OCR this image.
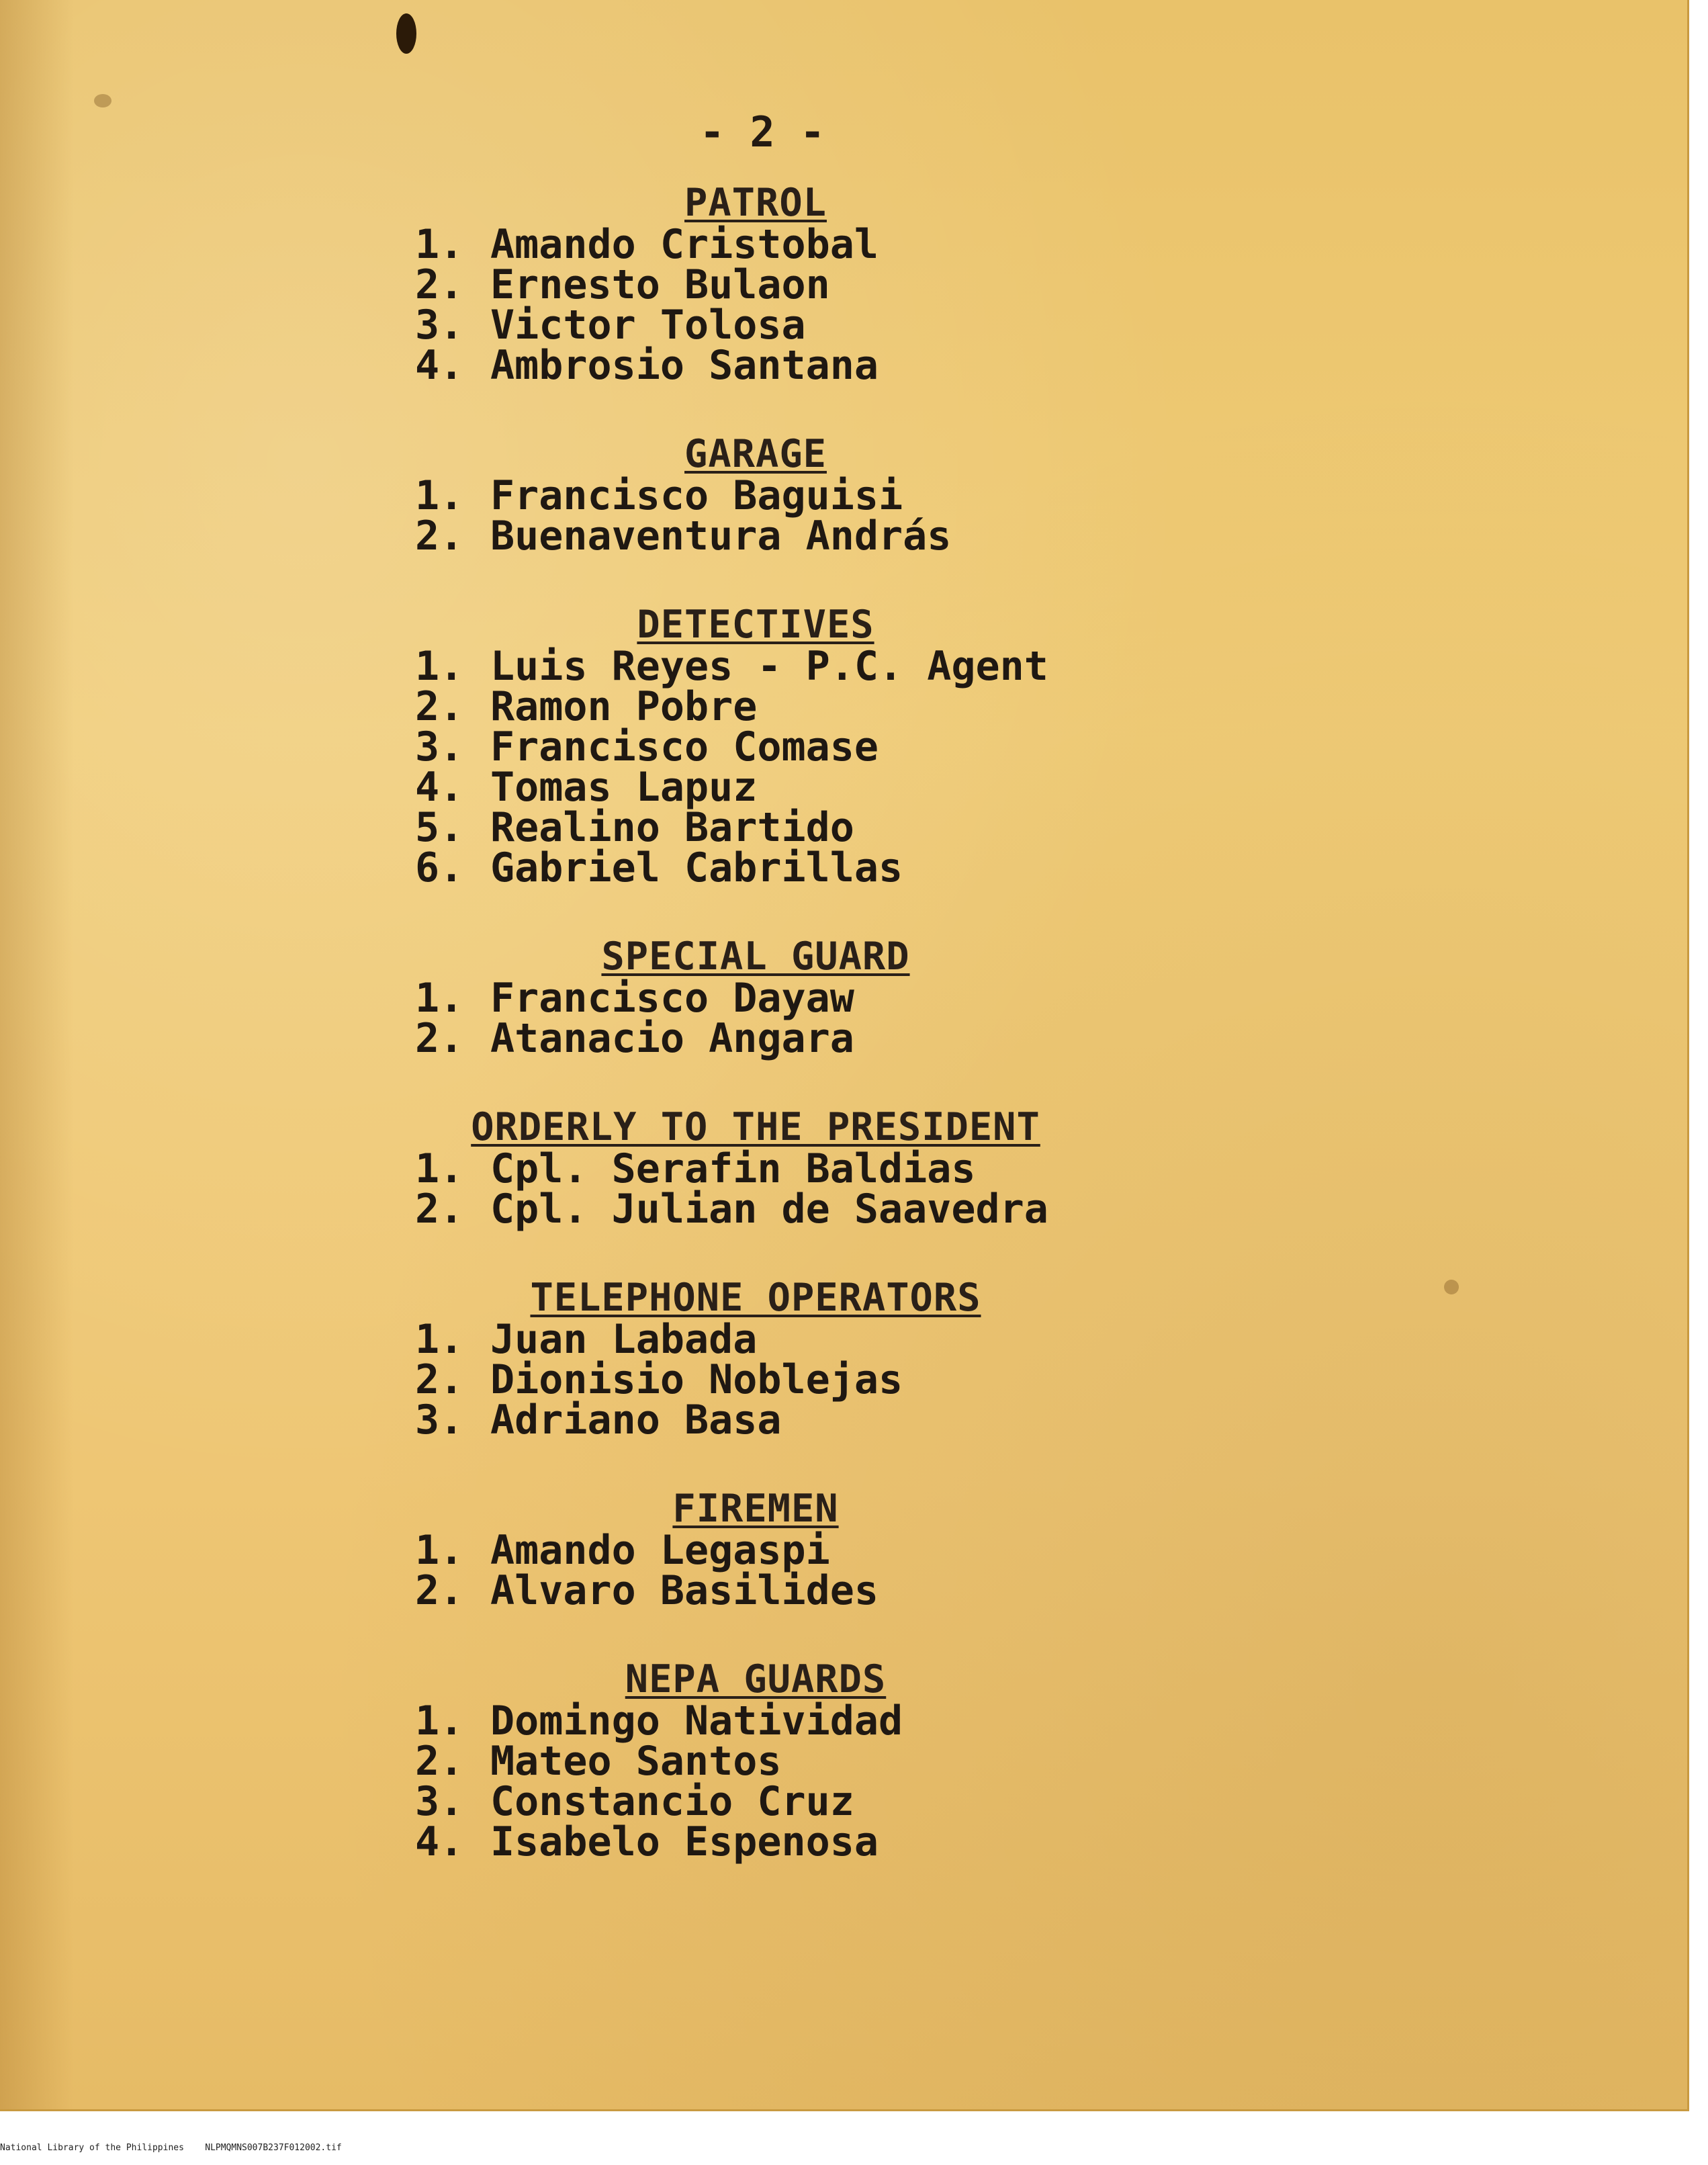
- 2 -
PATROL
1. Amando Cristobal
2. Ernesto Bulaon
3. Victor Tolosa
4. Ambrosio Santana
GARAGE
1. Francisco Baguisi
2. Buenaventura András
DETECTIVES
1. Luis Reyes - P.C. Agent
2. Ramon Pobre
3. Francisco Comase
4. Tomas Lapuz
5. Realino Bartido
6. Gabriel Cabrillas
SPECIAL GUARD
1. Francisco Dayaw
2. Atanacio Angara
ORDERLY TO THE PRESIDENT
1. Cpl. Serafin Baldias
2. Cpl. Julian de Saavedra
TELEPHONE OPERATORS
1. Juan Labada
2. Dionisio Noblejas
3. Adriano Basa
FIREMEN
1. Amando Legaspi
2. Alvaro Basilides
NEPA GUARDS
1. Domingo Natividad
2. Mateo Santos
3. Constancio Cruz
4. Isabelo Espenosa
National Library of the Philippines    NLPMQMNS007B237F012002.tif
